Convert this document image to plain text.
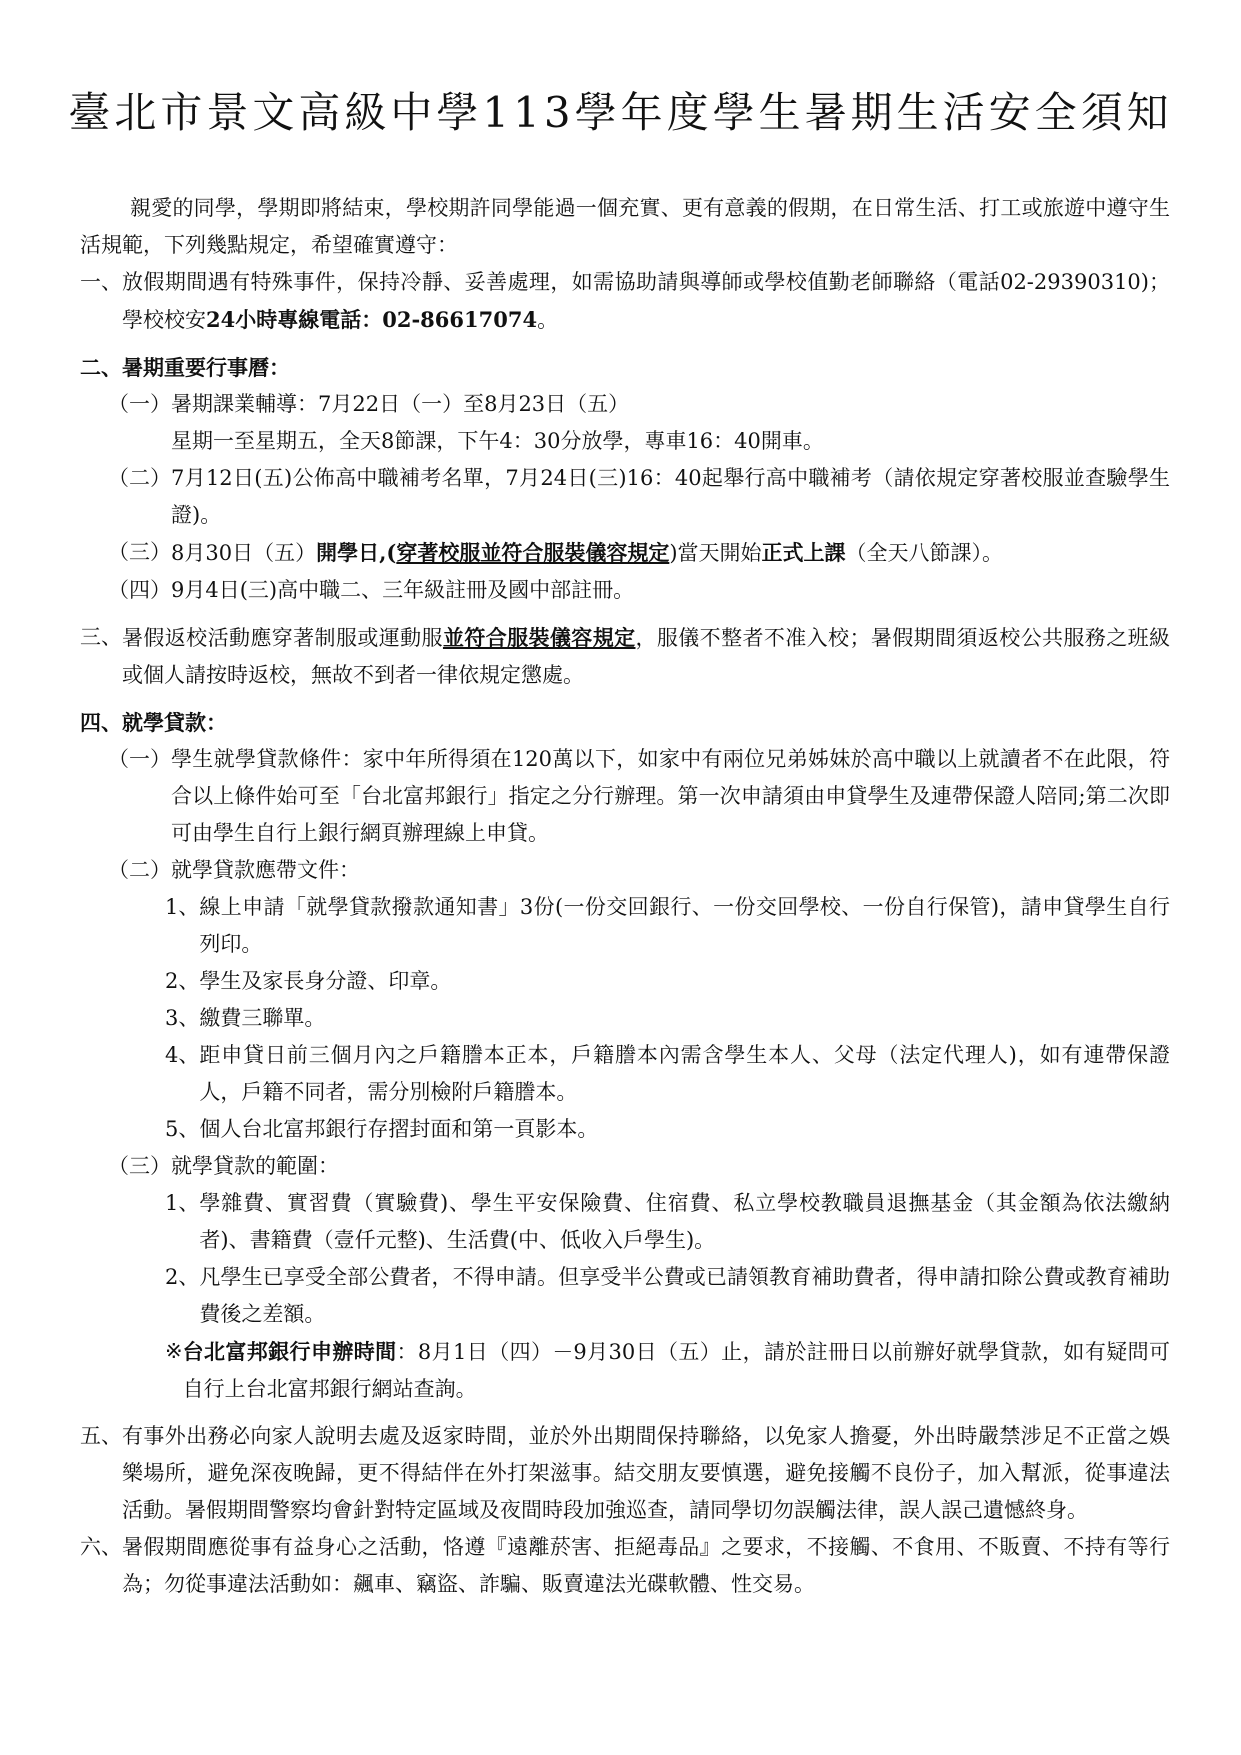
臺北市景文高級中學113學年度學生暑期生活安全須知

親愛的同學，學期即將結束，學校期許同學能過一個充實、更有意義的假期，在日常生活、打工或旅遊中遵守生活規範，下列幾點規定，希望確實遵守：

一、 放假期間遇有特殊事件，保持冷靜、妥善處理，如需協助請與導師或學校值勤老師聯絡（電話02-29390310)；學校校安24小時專線電話：02-86617074。

二、暑期重要行事曆：

（一） 暑期課業輔導：7月22日（一）至8月23日（五）
星期一至星期五，全天8節課，下午4：30分放學，專車16：40開車。
（二） 7月12日(五)公佈高中職補考名單，7月24日(三)16：40起舉行高中職補考（請依規定穿著校服並查驗學生證)。
（三） 8月30日（五）開學日,(穿著校服並符合服裝儀容規定)當天開始正式上課（全天八節課）。
（四） 9月4日(三)高中職二、三年級註冊及國中部註冊。
三、 暑假返校活動應穿著制服或運動服並符合服裝儀容規定，服儀不整者不准入校；暑假期間須返校公共服務之班級或個人請按時返校，無故不到者一律依規定懲處。

四、就學貸款：

（一） 學生就學貸款條件：家中年所得須在120萬以下，如家中有兩位兄弟姊妹於高中職以上就讀者不在此限，符合以上條件始可至「台北富邦銀行」指定之分行辦理。第一次申請須由申貸學生及連帶保證人陪同;第二次即可由學生自行上銀行網頁辦理線上申貸。
（二） 就學貸款應帶文件：
1、 線上申請「就學貸款撥款通知書」3份(一份交回銀行、一份交回學校、一份自行保管)，請申貸學生自行列印。
2、 學生及家長身分證、印章。
3、 繳費三聯單。
4、 距申貸日前三個月內之戶籍謄本正本，戶籍謄本內需含學生本人、父母（法定代理人)，如有連帶保證人，戶籍不同者，需分別檢附戶籍謄本。
5、 個人台北富邦銀行存摺封面和第一頁影本。
（三） 就學貸款的範圍：
1、 學雜費、實習費（實驗費)、學生平安保險費、住宿費、私立學校教職員退撫基金（其金額為依法繳納者)、書籍費（壹仟元整)、生活費(中、低收入戶學生)。
2、 凡學生已享受全部公費者，不得申請。但享受半公費或已請領教育補助費者，得申請扣除公費或教育補助費後之差額。
※ 台北富邦銀行申辦時間：8月1日（四）－9月30日（五）止，請於註冊日以前辦好就學貸款，如有疑問可自行上台北富邦銀行網站查詢。
五、 有事外出務必向家人說明去處及返家時間，並於外出期間保持聯絡，以免家人擔憂，外出時嚴禁涉足不正當之娛樂場所，避免深夜晚歸，更不得結伴在外打架滋事。結交朋友要慎選，避免接觸不良份子，加入幫派，從事違法活動。暑假期間警察均會針對特定區域及夜間時段加強巡查，請同學切勿誤觸法律，誤人誤己遺憾終身。
六、 暑假期間應從事有益身心之活動，恪遵『遠離菸害、拒絕毒品』之要求，不接觸、不食用、不販賣、不持有等行為；勿從事違法活動如：飆車、竊盜、詐騙、販賣違法光碟軟體、性交易。
